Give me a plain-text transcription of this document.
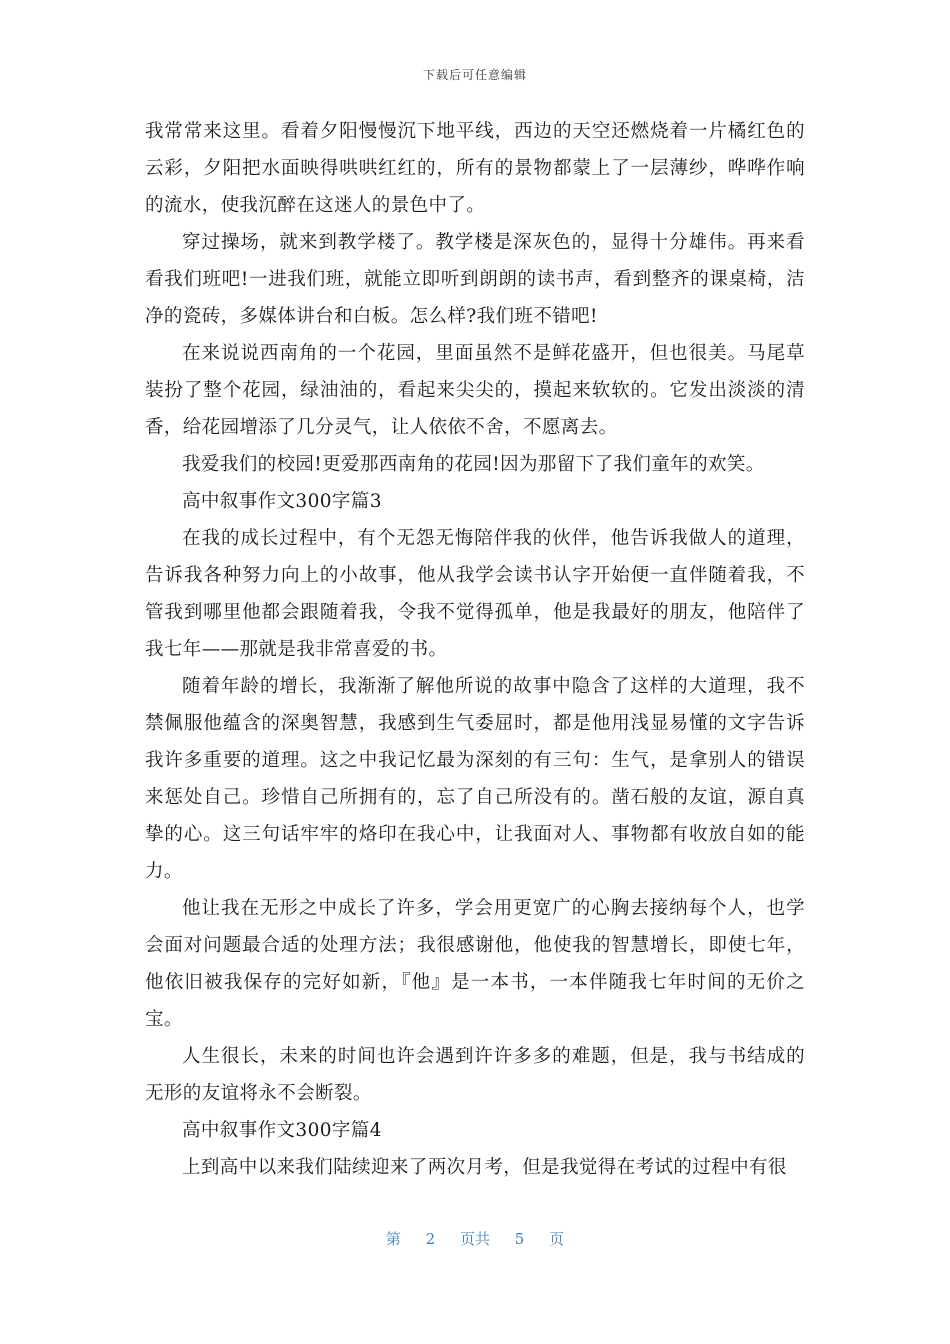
下载后可任意编辑

我常常来这里。看着夕阳慢慢沉下地平线，西边的天空还燃烧着一片橘红色的云彩，夕阳把水面映得哄哄红红的，所有的景物都蒙上了一层薄纱，哗哗作响的流水，使我沉醉在这迷人的景色中了。

穿过操场，就来到教学楼了。教学楼是深灰色的，显得十分雄伟。再来看看我们班吧!一进我们班，就能立即听到朗朗的读书声，看到整齐的课桌椅，洁净的瓷砖，多媒体讲台和白板。怎么样?我们班不错吧!

在来说说西南角的一个花园，里面虽然不是鲜花盛开，但也很美。马尾草装扮了整个花园，绿油油的，看起来尖尖的，摸起来软软的。它发出淡淡的清香，给花园增添了几分灵气，让人依依不舍，不愿离去。

我爱我们的校园!更爱那西南角的花园!因为那留下了我们童年的欢笑。

高中叙事作文300字篇3

在我的成长过程中，有个无怨无悔陪伴我的伙伴，他告诉我做人的道理，告诉我各种努力向上的小故事，他从我学会读书认字开始便一直伴随着我，不管我到哪里他都会跟随着我，令我不觉得孤单，他是我最好的朋友，他陪伴了我七年——那就是我非常喜爱的书。

随着年龄的增长，我渐渐了解他所说的故事中隐含了这样的大道理，我不禁佩服他蕴含的深奥智慧，我感到生气委屈时，都是他用浅显易懂的文字告诉我许多重要的道理。这之中我记忆最为深刻的有三句：生气，是拿别人的错误来惩处自己。珍惜自己所拥有的，忘了自己所没有的。凿石般的友谊，源自真挚的心。这三句话牢牢的烙印在我心中，让我面对人、事物都有收放自如的能力。

他让我在无形之中成长了许多，学会用更宽广的心胸去接纳每个人，也学会面对问题最合适的处理方法；我很感谢他，他使我的智慧增长，即使七年，他依旧被我保存的完好如新，『他』是一本书，一本伴随我七年时间的无价之宝。

人生很长，未来的时间也许会遇到许许多多的难题，但是，我与书结成的无形的友谊将永不会断裂。

高中叙事作文300字篇4

上到高中以来我们陆续迎来了两次月考，但是我觉得在考试的过程中有很

第 2 页共 5 页
